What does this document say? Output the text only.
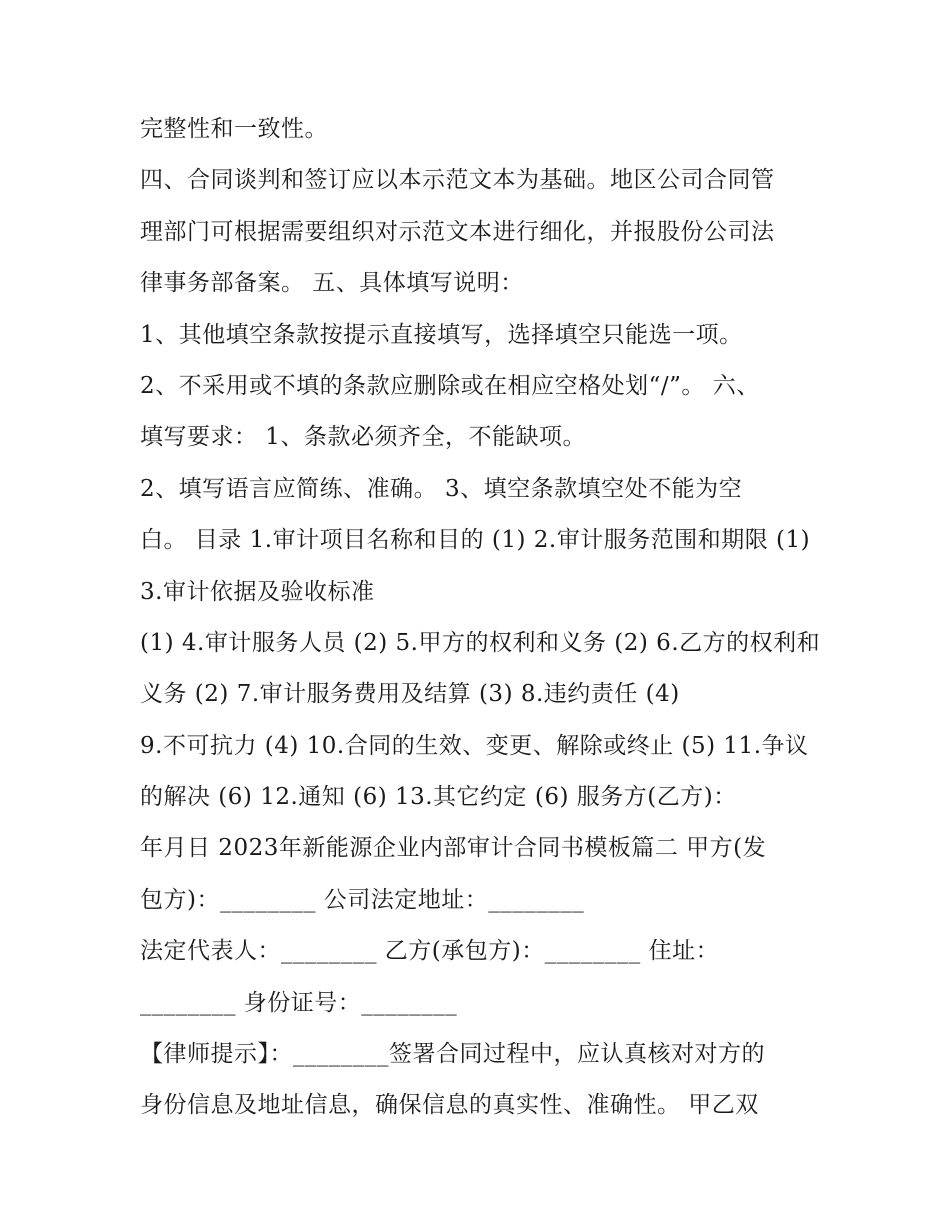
完整性和一致性。
四、合同谈判和签订应以本示范文本为基础。地区公司合同管
理部门可根据需要组织对示范文本进行细化，并报股份公司法
律事务部备案。 五、具体填写说明：
1、其他填空条款按提示直接填写，选择填空只能选一项。
2、不采用或不填的条款应删除或在相应空格处划“/”。 六、
填写要求： 1、条款必须齐全，不能缺项。
2、填写语言应简练、准确。 3、填空条款填空处不能为空
白。 目录 1.审计项目名称和目的 (1) 2.审计服务范围和期限 (1)
3.审计依据及验收标准
(1) 4.审计服务人员 (2) 5.甲方的权利和义务 (2) 6.乙方的权利和
义务 (2) 7.审计服务费用及结算 (3) 8.违约责任 (4)
9.不可抗力 (4) 10.合同的生效、变更、解除或终止 (5) 11.争议
的解决 (6) 12.通知 (6) 13.其它约定 (6) 服务方(乙方)：
年月日 2023年新能源企业内部审计合同书模板篇二 甲方(发
包方)：________ 公司法定地址：________
法定代表人：________ 乙方(承包方)：________ 住址：
________ 身份证号：________
【律师提示】：________签署合同过程中，应认真核对对方的
身份信息及地址信息，确保信息的真实性、准确性。 甲乙双
